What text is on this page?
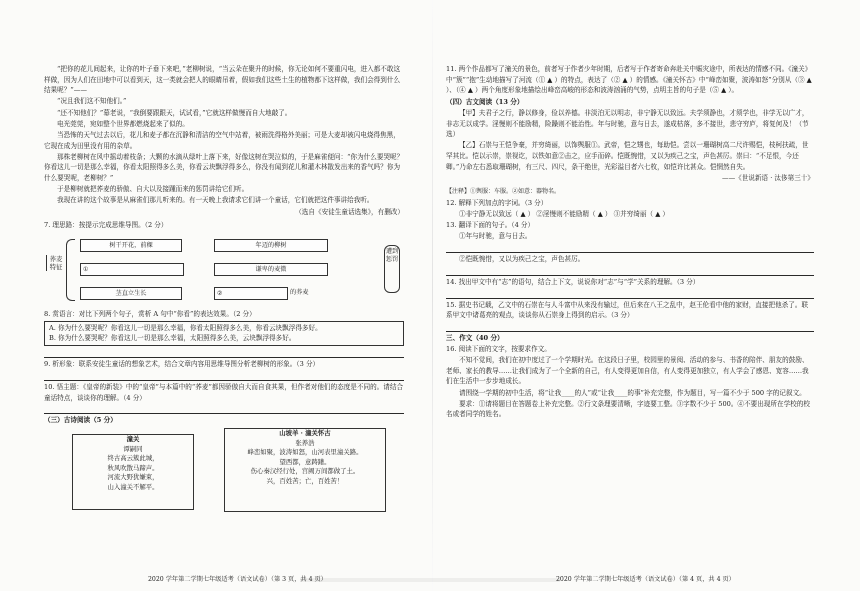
“把你的花儿间起来，让你的叶子垂下来吧，”老柳树说，“当云朵在聚升的时候，你无论如何不要重闪电，进入都不敢这样做，因为人们在田地中可以看到天，这一类就会把人的眼睛吊着，假如我们这些土生的植物都下这样做，我们会得到什么结果呢？”——

“况且我们这不知他们。”

“还不知他们？”幕老说，“我倒要跟跟天，试试看，”它就这样做慢而自大地敲了。

电光莞莞，宛如整个世界都燃烧起来了似的。

当恐怖的天气过去以后，花儿和麦子都在沉静和清洁的空气中站着，被雨洗得格外美丽；可是大麦却被闪电烧得焦黑，它现在成为田里没有用的杂草。

那株老柳树在风中摇动着枝条；大颗的水滴从绿叶上落下来，好像这树在哭泣似的，于是麻雀便问：“你为什么要哭呢？你看这儿一切是那么幸福，你看太阳照得多么美，你看云块飘浮得多么，你没有闻到花儿和灌木林散发出来的香气吗？你为什么要哭呢，老柳树？”

于是柳树就把荞麦的骄傲、自大以及接踵而来的惩罚讲给它们听。

我现在讲的这个故事是从麻雀们那儿听来的。有一天晚上我请求它们讲一个童话，它们就把这件事讲给我听。

（选自《安徒生童话选集》，有删改）

7. 理思路：按提示完成思维导图。（2 分）

荞麦特征
树干开花，前稞	年迈的柳树
①	谦卑的麦微
茎直立生长	②	的荞麦
遭到惩罚

8. 赏语言：对比下列两个句子，赏析 A 句中“你看”的表达效果。（2 分）

A. 你为什么要哭呢？你看这儿一切是那么幸福，你看太阳照得多么美，你看云块飘浮得多好。
B. 你为什么要哭呢？你看这儿一切是那么幸福，太阳照得多么美，云块飘浮得多好。

9. 析形象：联系安徒生童话的想象艺术，结合文章内容用思维导图分析老柳树的形象。（3 分）

10. 悟主题：《皇帝的新装》中的“皇帝”与本篇中的“荞麦”都因骄傲自大而自食其果，但作者对他们的态度是不同的。请结合童话特点，谈谈你的理解。（4 分）

（三）古诗阅读（5 分）

潼关
谭嗣同
终古高云簇此城，
秋风吹散马蹄声。
河流大野犹嫌束，
山入潼关不解平。
山坡羊 · 潼关怀古
张养浩
峰峦如聚，波涛如怒，山河表里潼关路。
望西都，意踌躇。
伤心秦汉经行处，宫阙万间都做了土。
兴，百姓苦；亡，百姓苦！
2020 学年第二学期七年级适考（语文试卷）（第 3 页，共 4 页）

11. 两个作品都写了潼关的景色，前者写于作者少年时期，后者写于作者寄命奔赴关中赈灾途中，所表达的情感不同。《潼关》中“簇”“抱”生动地描写了河流（① ▲ ）的特点，表达了（② ▲ ）的情感。《潼关怀古》中“峰峦如聚，波涛如怒”分别从（③ ▲ ）、（④ ▲ ）两个角度形象地描绘出峰峦高峻的形态和波涛汹涌的气势，点明主旨的句子是（⑤ ▲ ）。

（四）古文阅读（13 分）

【甲】夫君子之行，静以修身，俭以养德。非淡泊无以明志，非宁静无以致远。夫学须静也，才须学也，非学无以广才，非志无以成学。淫慢则不能励精，险躁则不能治性。年与时驰，意与日去，遂成枯落，多不接世，悲守穷庐，将复何及！（节选）

【乙】石崇与王恺争豪，并穷绮丽，以饰舆服①。武帝，恺之甥也，每助恺。尝以一珊瑚树高二尺许赐恺，枝柯扶疏，世罕其比。恺以示崇，崇视讫，以铁如意②击之，应手而碎。恺既惋惜，又以为疾己之宝，声色甚厉。崇曰：“不足恨，今还卿。”乃命左右悉取珊瑚树，有三尺、四尺，条干绝世，光彩溢目者六七枚，如恺许比甚众。恺惘然自失。

——《世说新语 · 汰侈第三十》

【注释】①舆服：车服。②如意：器物名。

12. 解释下列加点的字词。（3 分）

①非宁静无以致远（ ▲ ） ②淫慢则不能励精（ ▲ ） ③并穷绮丽（ ▲ ）

13. 翻译下面的句子。（4 分）

①年与时驰，意与日去。

②恺既惋惜，又以为疾己之宝，声色甚厉。

14. 找出甲文中有“志”的语句，结合上下文，说说你对“志”与“学”关系的理解。（3 分）

15. 据史书记载，乙文中的石崇在与人斗富中从来没有输过，但后来在八王之乱中，赵王伦看中他的家财，直接把他杀了。联系甲文中诸葛亮的观点，谈谈你从石崇身上得到的启示。（3 分）

三、作文（40 分）

16. 阅读下面的文字，按要求作文。

不知不觉间，我们在初中度过了一个学期时光。在这段日子里，校园里的景阅、活动的参与、书香的陪伴、朋友的鼓励、老师、家长的教导……让我们成为了一个全新的自己，有人变得更加自信，有人变得更加独立，有人学会了感恩、宽容……我们在生活中一步步地成长。

请围绕一学期的初中生活，将“让我____的人”或“让我____的事”补充完整，作为题目，写一篇不少于 500 字的记叙文。

要求：①请将题目在答题卷上补充完整。②行文条理要清晰，字迹要工整。③字数不少于 500。④不要出现所在学校的校名或者同学的姓名。

2020 学年第二学期七年级适考（语文试卷）（第 4 页，共 4 页）
